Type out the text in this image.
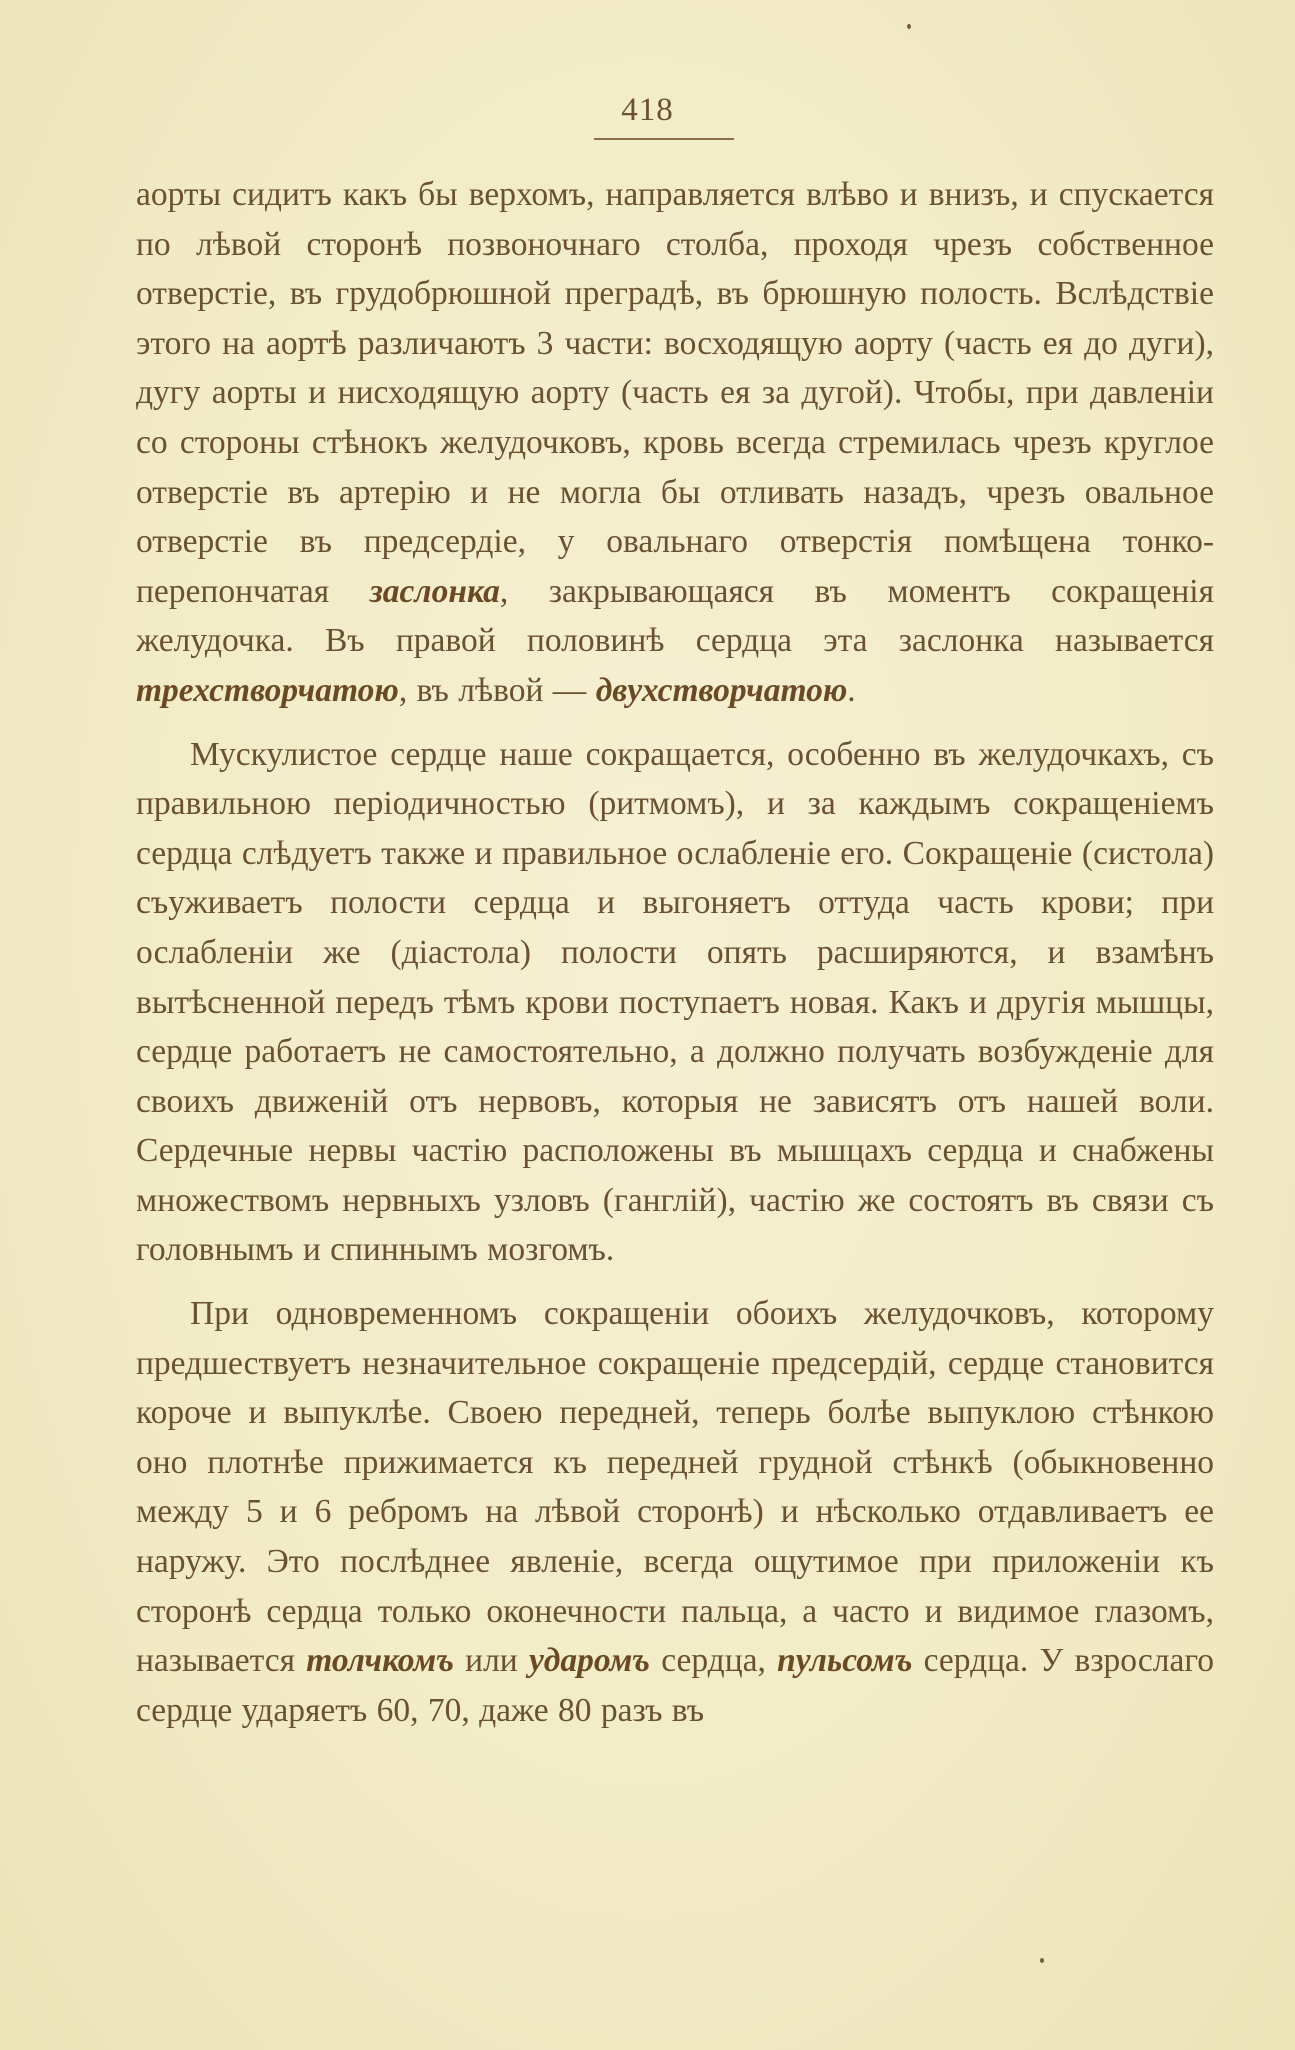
418

аорты сидитъ какъ бы верхомъ, направляется влѣво и внизъ, и спускается по лѣвой сторонѣ позвоночнаго столба, проходя чрезъ собственное отверстіе, въ грудобрюшной преградѣ, въ брюшную полость. Вслѣдствіе этого на аортѣ различаютъ 3 части: восходящую аорту (часть ея до дуги), дугу аорты и нисходящую аорту (часть ея за дугой). Чтобы, при давленіи со стороны стѣнокъ желудочковъ, кровь всегда стремилась чрезъ круглое отверстіе въ артерію и не могла бы отливать назадъ, чрезъ овальное отверстіе въ предсердіе, у овальнаго отверстія помѣщена тонко-перепончатая заслонка, закрывающаяся въ моментъ сокращенія желудочка. Въ правой половинѣ сердца эта заслонка называется трехстворчатою, въ лѣвой — двухстворчатою.

Мускулистое сердце наше сокращается, особенно въ желудочкахъ, съ правильною періодичностью (ритмомъ), и за каждымъ сокращеніемъ сердца слѣдуетъ также и правильное ослабленіе его. Сокращеніе (систола) съуживаетъ полости сердца и выгоняетъ оттуда часть крови; при ослабленіи же (діастола) полости опять расширяются, и взамѣнъ вытѣсненной передъ тѣмъ крови поступаетъ новая. Какъ и другія мышцы, сердце работаетъ не самостоятельно, а должно получать возбужденіе для своихъ движеній отъ нервовъ, которыя не зависятъ отъ нашей воли. Сердечные нервы частію расположены въ мышцахъ сердца и снабжены множествомъ нервныхъ узловъ (ганглій), частію же состоятъ въ связи съ головнымъ и спиннымъ мозгомъ.

При одновременномъ сокращеніи обоихъ желудочковъ, которому предшествуетъ незначительное сокращеніе предсердій, сердце становится короче и выпуклѣе. Своею передней, теперь болѣе выпуклою стѣнкою оно плотнѣе прижимается къ передней грудной стѣнкѣ (обыкновенно между 5 и 6 ребромъ на лѣвой сторонѣ) и нѣсколько отдавливаетъ ее наружу. Это послѣднее явленіе, всегда ощутимое при приложеніи къ сторонѣ сердца только оконечности пальца, а часто и видимое глазомъ, называется толчкомъ или ударомъ сердца, пульсомъ сердца. У взрослаго сердце ударяетъ 60, 70, даже 80 разъ въ
